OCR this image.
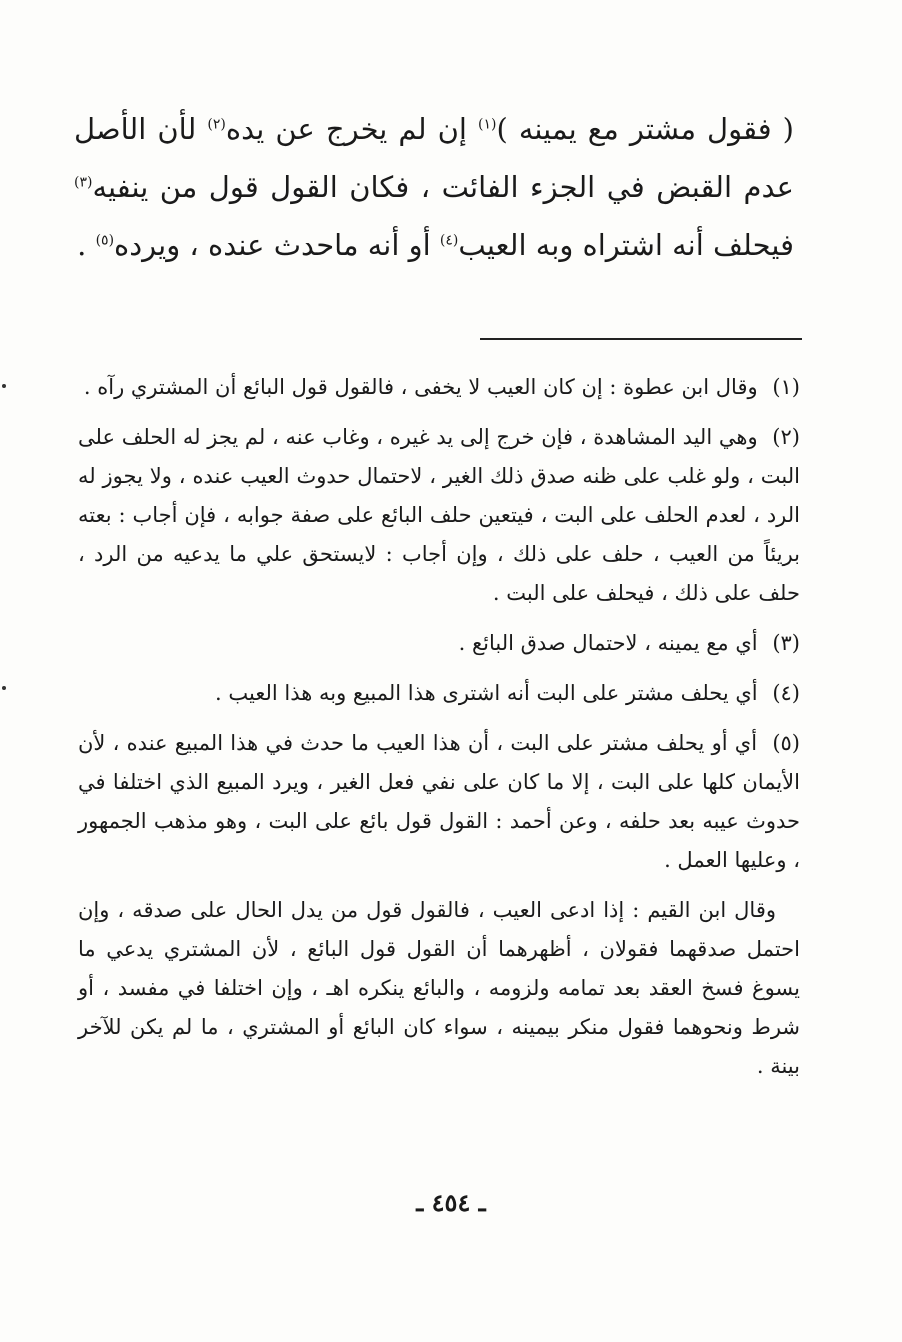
( فقول مشتر مع يمينه )$^{(١)}$ إن لم يخرج عن يده$^{(٢)}$ لأن الأصل عدم القبض في الجزء الفائت ، فكان القول قول من ينفيه$^{(٣)}$ فيحلف أنه اشتراه وبه العيب$^{(٤)}$ أو أنه ماحدث عنده ، ويرده$^{(٥)}$ .

(١) وقال ابن عطوة : إن كان العيب لا يخفى ، فالقول قول البائع أن المشتري رآه .

(٢) وهي اليد المشاهدة ، فإن خرج إلى يد غيره ، وغاب عنه ، لم يجز له الحلف على البت ، ولو غلب على ظنه صدق ذلك الغير ، لاحتمال حدوث العيب عنده ، ولا يجوز له الرد ، لعدم الحلف على البت ، فيتعين حلف البائع على صفة جوابه ، فإن أجاب : بعته بريئاً من العيب ، حلف على ذلك ، وإن أجاب : لايستحق علي ما يدعيه من الرد ، حلف على ذلك ، فيحلف على البت .

(٣) أي مع يمينه ، لاحتمال صدق البائع .

(٤) أي يحلف مشتر على البت أنه اشترى هذا المبيع وبه هذا العيب .

(٥) أي أو يحلف مشتر على البت ، أن هذا العيب ما حدث في هذا المبيع عنده ، لأن الأيمان كلها على البت ، إلا ما كان على نفي فعل الغير ، ويرد المبيع الذي اختلفا في حدوث عيبه بعد حلفه ، وعن أحمد : القول قول بائع على البت ، وهو مذهب الجمهور ، وعليها العمل .

وقال ابن القيم : إذا ادعى العيب ، فالقول قول من يدل الحال على صدقه ، وإن احتمل صدقهما فقولان ، أظهرهما أن القول قول البائع ، لأن المشتري يدعي ما يسوغ فسخ العقد بعد تمامه ولزومه ، والبائع ينكره اهـ ، وإن اختلفا في مفسد ، أو شرط ونحوهما فقول منكر بيمينه ، سواء كان البائع أو المشتري ، ما لم يكن للآخر بينة .

ـ ٤٥٤ ـ
